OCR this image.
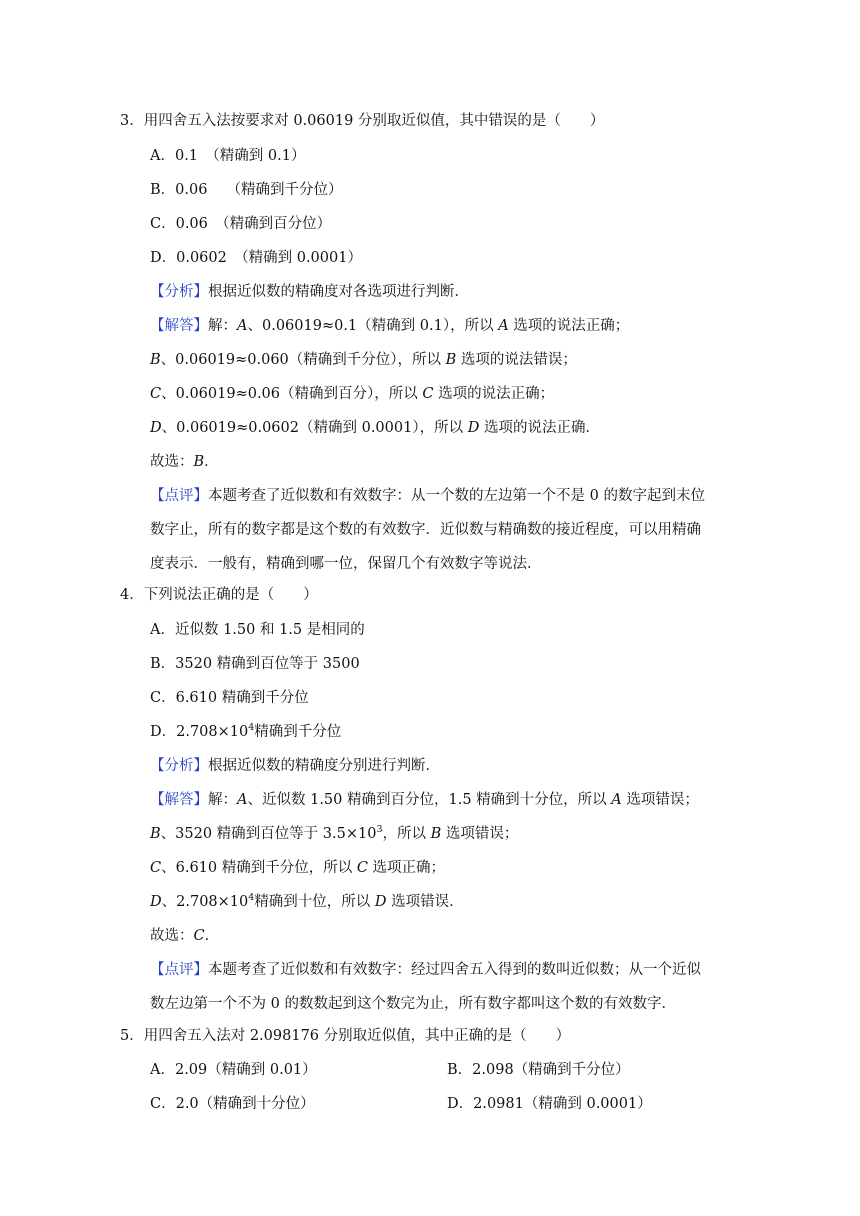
3．用四舍五入法按要求对 0.06019 分别取近似值，其中错误的是（　　）
A．0.1　（精确到 0.1）
B．0.06　 （精确到千分位）
C．0.06　（精确到百分位）
D．0.0602　（精确到 0.0001）
【分析】根据近似数的精确度对各选项进行判断．
【解答】解：A、0.06019≈0.1（精确到 0.1），所以 A 选项的说法正确；
B、0.06019≈0.060（精确到千分位），所以 B 选项的说法错误；
C、0.06019≈0.06（精确到百分），所以 C 选项的说法正确；
D、0.06019≈0.0602（精确到 0.0001），所以 D 选项的说法正确．
故选：B．
【点评】本题考查了近似数和有效数字：从一个数的左边第一个不是 0 的数字起到末位
数字止，所有的数字都是这个数的有效数字．近似数与精确数的接近程度，可以用精确
度表示．一般有，精确到哪一位，保留几个有效数字等说法．
4．下列说法正确的是（　　）
A．近似数 1.50 和 1.5 是相同的
B．3520 精确到百位等于 3500
C．6.610 精确到千分位
D．$2.708\times 10^4$精确到千分位
【分析】根据近似数的精确度分别进行判断．
【解答】解：A、近似数 1.50 精确到百分位，1.5 精确到十分位，所以 A 选项错误；
B、3520 精确到百位等于 $3.5\times 10^3$，所以 B 选项错误；
C、6.610 精确到千分位，所以 C 选项正确；
D、$2.708\times 10^4$精确到十位，所以 D 选项错误．
故选：C．
【点评】本题考查了近似数和有效数字：经过四舍五入得到的数叫近似数；从一个近似
数左边第一个不为 0 的数数起到这个数完为止，所有数字都叫这个数的有效数字．
5．用四舍五入法对 2.098176 分别取近似值，其中正确的是（　　）
A．2.09（精确到 0.01）	B．2.098（精确到千分位）
C．2.0（精确到十分位）	D．2.0981（精确到 0.0001）
